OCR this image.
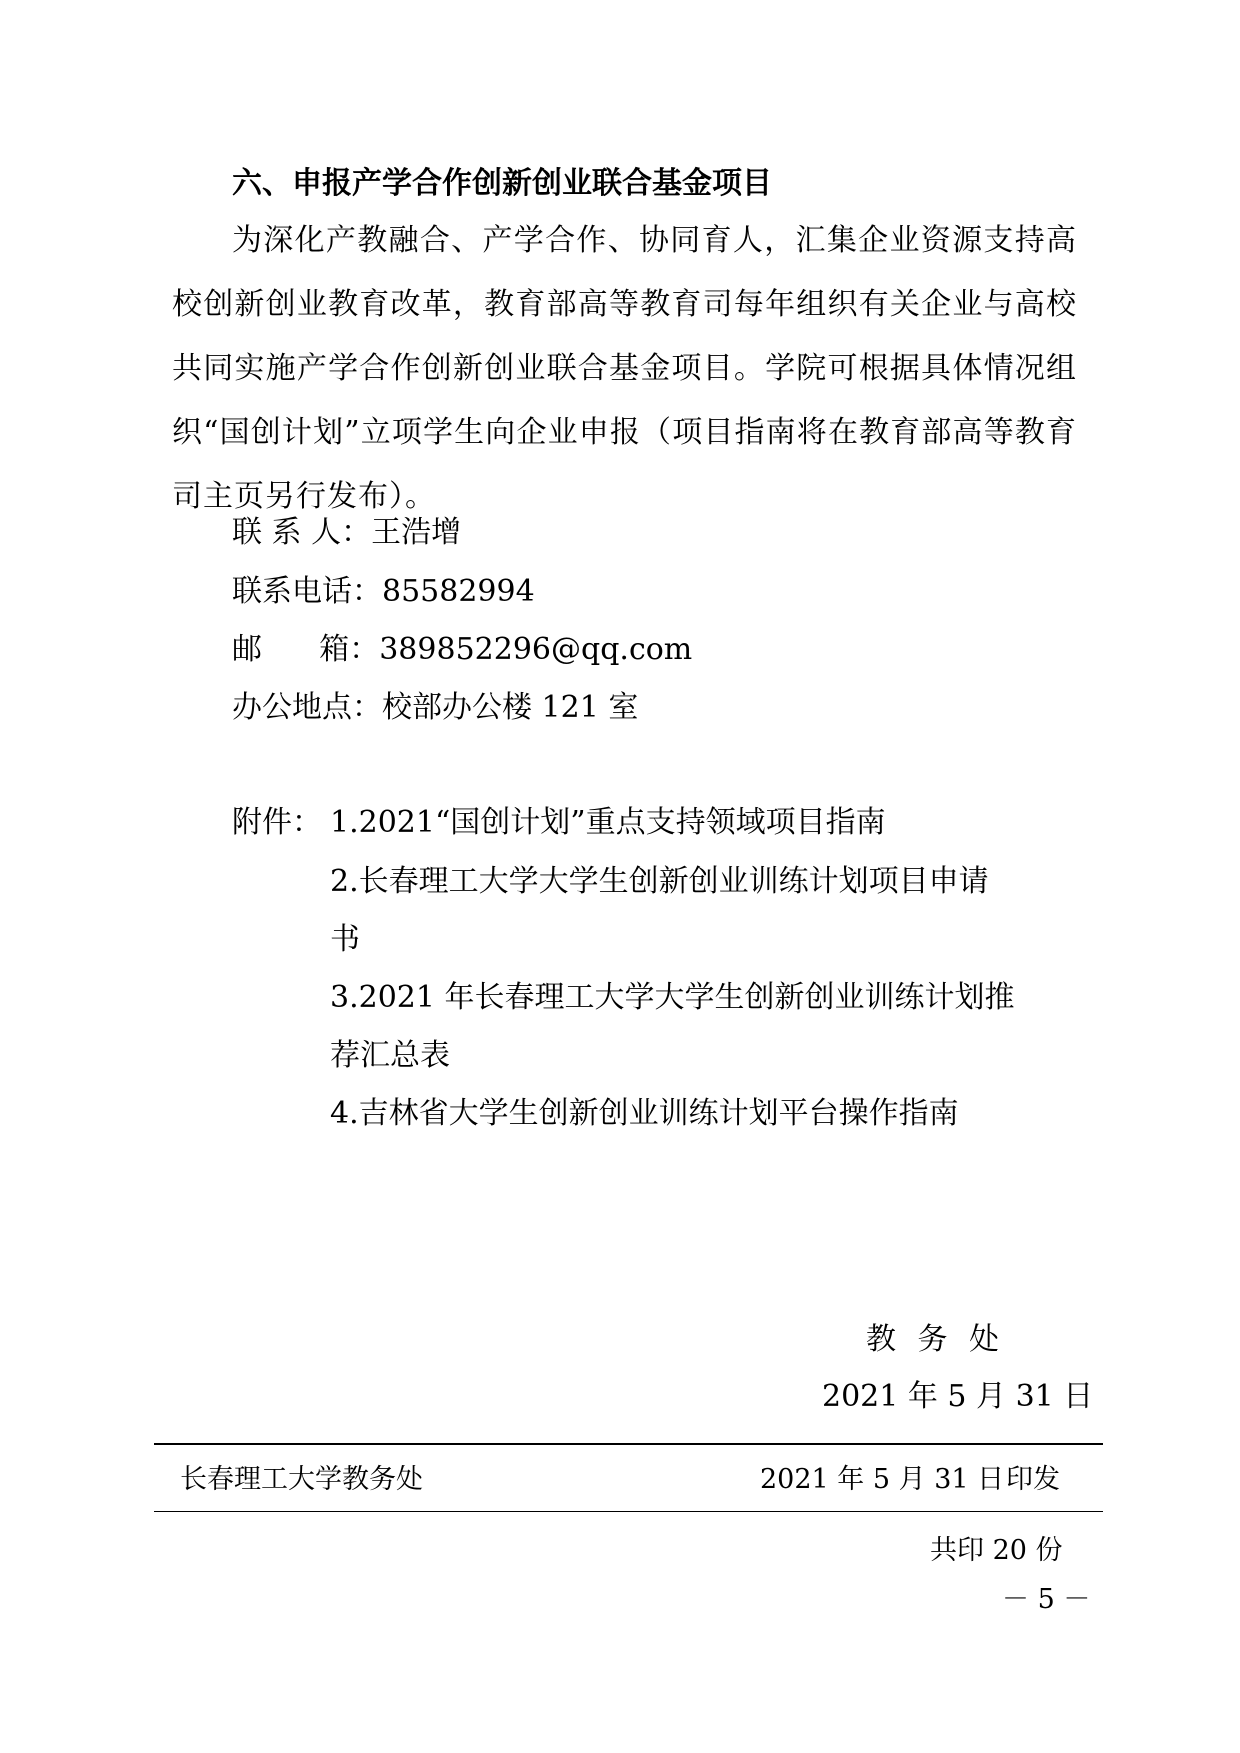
六、申报产学合作创新创业联合基金项目
为深化产教融合、产学合作、协同育人，汇集企业资源支持高校创新创业教育改革，教育部高等教育司每年组织有关企业与高校共同实施产学合作创新创业联合基金项目。学院可根据具体情况组织“国创计划”立项学生向企业申报（项目指南将在教育部高等教育司主页另行发布）。
联 系 人：王浩增
联系电话：85582994
邮      箱：389852296@qq.com
办公地点：校部办公楼 121 室
附件： 1.2021“国创计划”重点支持领域项目指南
2.长春理工大学大学生创新创业训练计划项目申请
书
3.2021 年长春理工大学大学生创新创业训练计划推
荐汇总表
4.吉林省大学生创新创业训练计划平台操作指南
教 务 处
2021 年 5 月 31 日
长春理工大学教务处	2021 年 5 月 31 日 印发
共印 20 份
－ 5 －
